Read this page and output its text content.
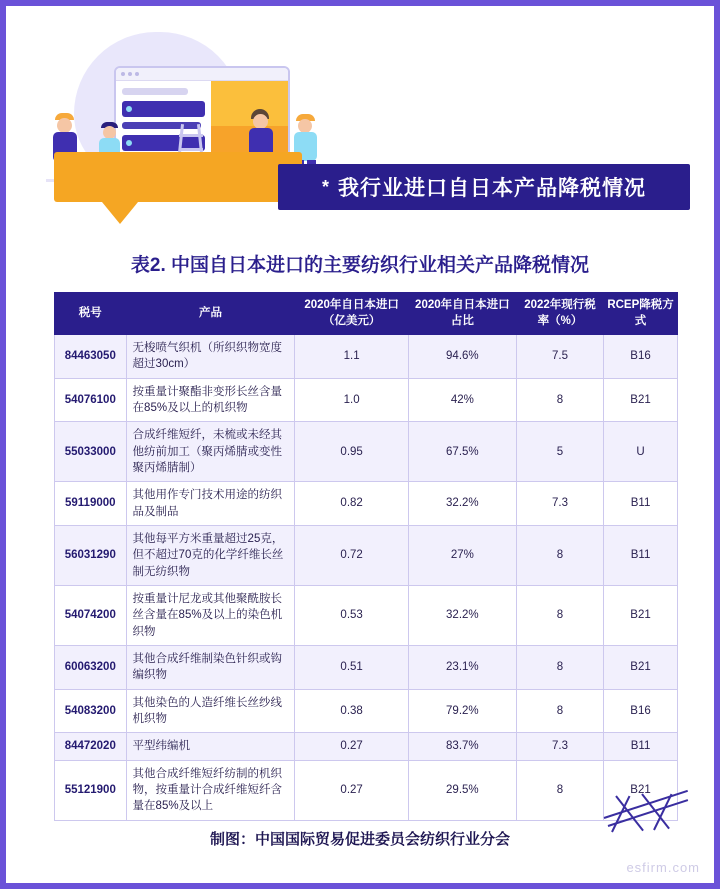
* 我行业进口自日本产品降税情况
表2. 中国自日本进口的主要纺织行业相关产品降税情况
税号	产品	2020年自日本进口（亿美元）	2020年自日本进口占比	2022年现行税率（%）	RCEP降税方式
84463050	无梭喷气织机（所织织物宽度超过30cm）	1.1	94.6%	7.5	B16
54076100	按重量计聚酯非变形长丝含量在85%及以上的机织物	1.0	42%	8	B21
55033000	合成纤维短纤，未梳或未经其他纺前加工（聚丙烯腈或变性聚丙烯腈制）	0.95	67.5%	5	U
59119000	其他用作专门技术用途的纺织品及制品	0.82	32.2%	7.3	B11
56031290	其他每平方米重量超过25克，但不超过70克的化学纤维长丝制无纺织物	0.72	27%	8	B11
54074200	按重量计尼龙或其他聚酰胺长丝含量在85%及以上的染色机织物	0.53	32.2%	8	B21
60063200	其他合成纤维制染色针织或钩编织物	0.51	23.1%	8	B21
54083200	其他染色的人造纤维长丝纱线机织物	0.38	79.2%	8	B16
84472020	平型纬编机	0.27	83.7%	7.3	B11
55121900	其他合成纤维短纤纺制的机织物，按重量计合成纤维短纤含量在85%及以上	0.27	29.5%	8	B21
制图：中国国际贸易促进委员会纺织行业分会
esfirm.com
